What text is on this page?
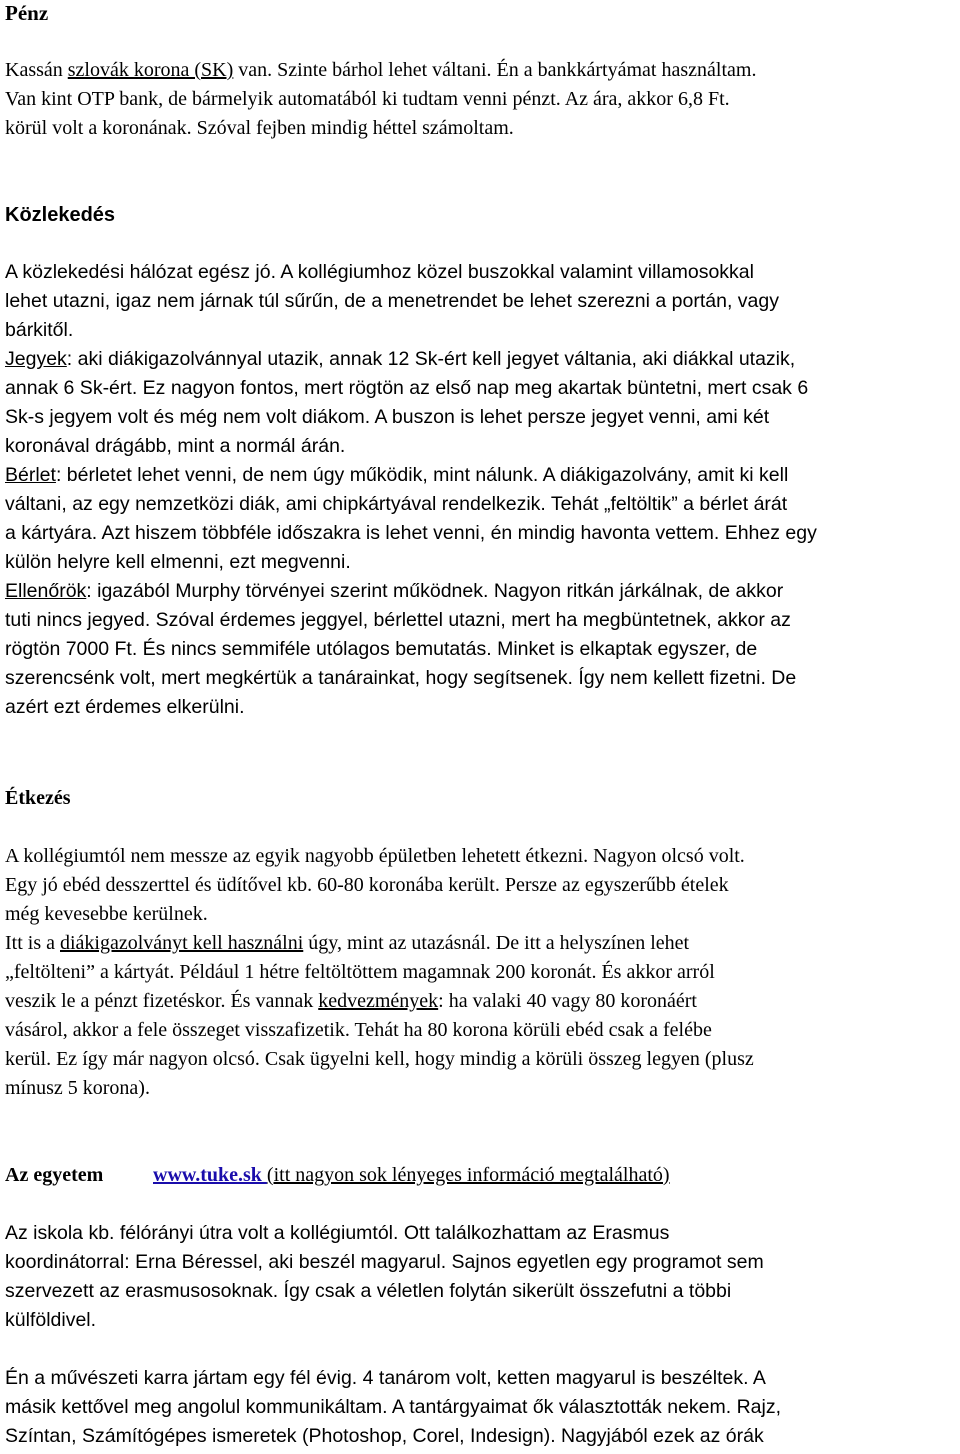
Pénz

Kassán szlovák korona (SK) van. Szinte bárhol lehet váltani. Én a bankkártyámat használtam.

Van kint OTP bank, de bármelyik automatából ki tudtam venni pénzt. Az ára, akkor 6,8 Ft.

körül volt a koronának. Szóval fejben mindig héttel számoltam.

Közlekedés

A közlekedési hálózat egész jó. A kollégiumhoz közel buszokkal valamint villamosokkal

lehet utazni, igaz nem járnak túl sűrűn, de a menetrendet be lehet szerezni a portán, vagy

bárkitől.

Jegyek: aki diákigazolvánnyal utazik, annak 12 Sk-ért kell jegyet váltania, aki diákkal utazik,

annak 6 Sk-ért. Ez nagyon fontos, mert rögtön az első nap meg akartak büntetni, mert csak 6

Sk-s jegyem volt és még nem volt diákom. A buszon is lehet persze jegyet venni, ami két

koronával drágább, mint a normál árán.

Bérlet: bérletet lehet venni, de nem úgy működik, mint nálunk. A diákigazolvány, amit ki kell

váltani, az egy nemzetközi diák, ami chipkártyával rendelkezik. Tehát „feltöltik” a bérlet árát

a kártyára. Azt hiszem többféle időszakra is lehet venni, én mindig havonta vettem. Ehhez egy

külön helyre kell elmenni, ezt megvenni.

Ellenőrök: igazából Murphy törvényei szerint működnek. Nagyon ritkán járkálnak, de akkor

tuti nincs jegyed. Szóval érdemes jeggyel, bérlettel utazni, mert ha megbüntetnek, akkor az

rögtön 7000 Ft. És nincs semmiféle utólagos bemutatás. Minket is elkaptak egyszer, de

szerencsénk volt, mert megkértük a tanárainkat, hogy segítsenek. Így nem kellett fizetni. De

azért ezt érdemes elkerülni.

Étkezés

A kollégiumtól nem messze az egyik nagyobb épületben lehetett étkezni. Nagyon olcsó volt.

Egy jó ebéd desszerttel és üdítővel kb. 60-80 koronába került. Persze az egyszerűbb ételek

még kevesebbe kerülnek.

Itt is a diákigazolványt kell használni úgy, mint az utazásnál. De itt a helyszínen lehet

„feltölteni” a kártyát. Például 1 hétre feltöltöttem magamnak 200 koronát. És akkor arról

veszik le a pénzt fizetéskor. És vannak kedvezmények: ha valaki 40 vagy 80 koronáért

vásárol, akkor a fele összeget visszafizetik. Tehát ha 80 korona körüli ebéd csak a felébe

kerül. Ez így már nagyon olcsó. Csak ügyelni kell, hogy mindig a körüli összeg legyen (plusz

mínusz 5 korona).

Az egyetem www.tuke.sk (itt nagyon sok lényeges információ megtalálható)

Az iskola kb. félórányi útra volt a kollégiumtól. Ott találkozhattam az Erasmus

koordinátorral: Erna Béressel, aki beszél magyarul. Sajnos egyetlen egy programot sem

szervezett az erasmusosoknak. Így csak a véletlen folytán sikerült összefutni a többi

külföldivel.

Én a művészeti karra jártam egy fél évig. 4 tanárom volt, ketten magyarul is beszéltek. A

másik kettővel meg angolul kommunikáltam. A tantárgyaimat ők választották nekem. Rajz,

Színtan, Számítógépes ismeretek (Photoshop, Corel, Indesign). Nagyjából ezek az órák
